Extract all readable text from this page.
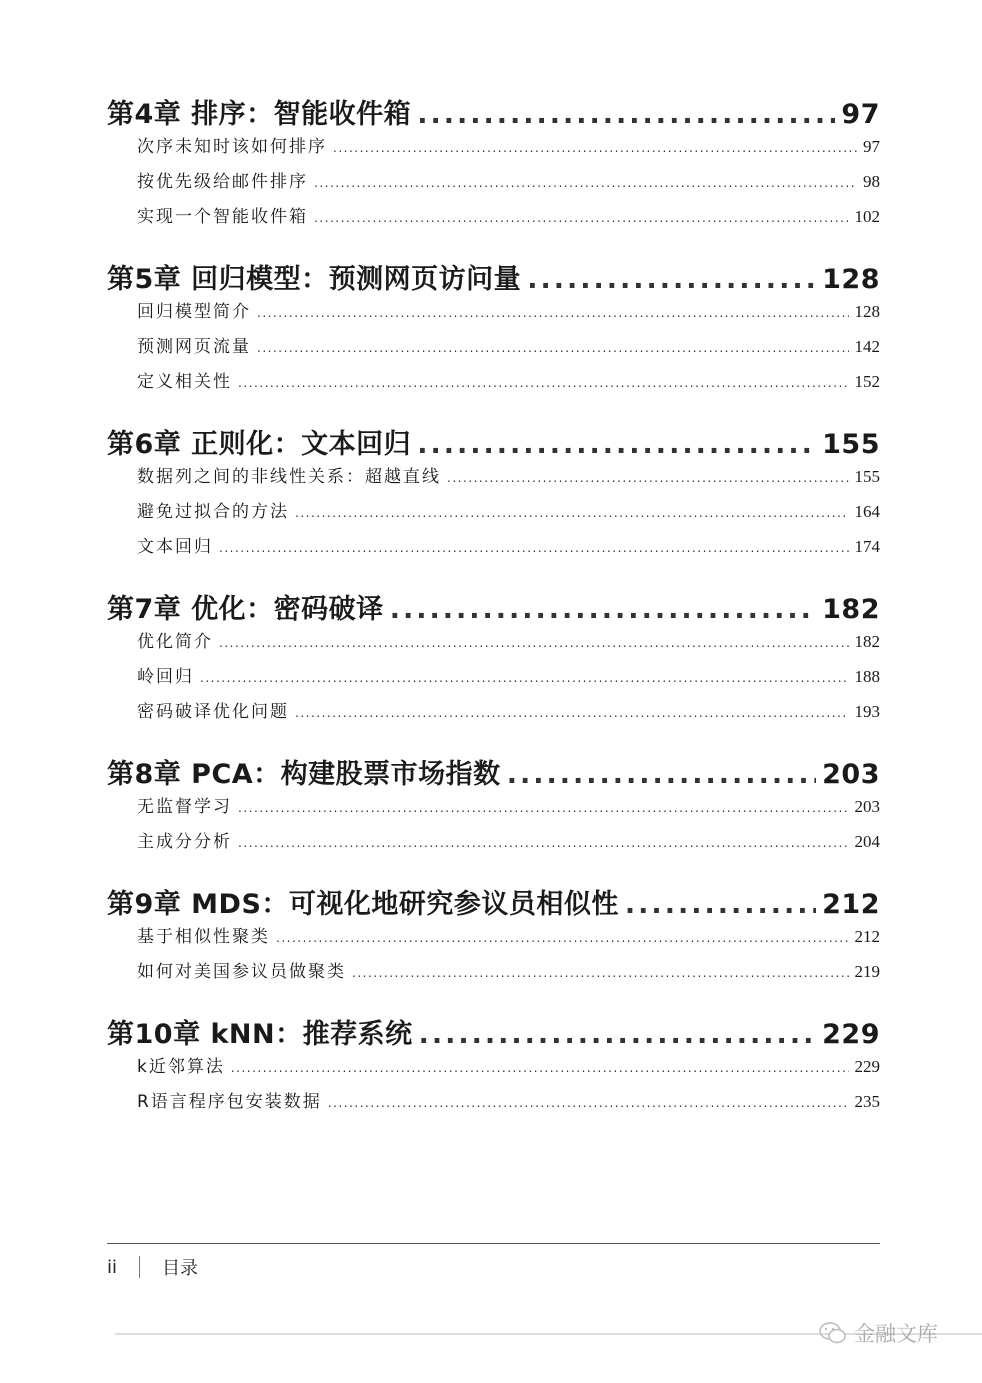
第4章 排序：智能收件箱 .....	97
次序未知时该如何排序 .....	97
按优先级给邮件排序 .....	98
实现一个智能收件箱 .....	102
第5章 回归模型：预测网页访问量 .....	128
回归模型简介 .....	128
预测网页流量 .....	142
定义相关性 .....	152
第6章 正则化：文本回归 .....	155
数据列之间的非线性关系：超越直线 .....	155
避免过拟合的方法 .....	164
文本回归 .....	174
第7章 优化：密码破译 .....	182
优化简介 .....	182
岭回归 .....	188
密码破译优化问题 .....	193
第8章 PCA：构建股票市场指数 .....	203
无监督学习 .....	203
主成分分析 .....	204
第9章 MDS：可视化地研究参议员相似性 .....	212
基于相似性聚类 .....	212
如何对美国参议员做聚类 .....	219
第10章 kNN：推荐系统 .....	229
k近邻算法 .....	229
R语言程序包安装数据 .....	235
ii	目录
金融文库
